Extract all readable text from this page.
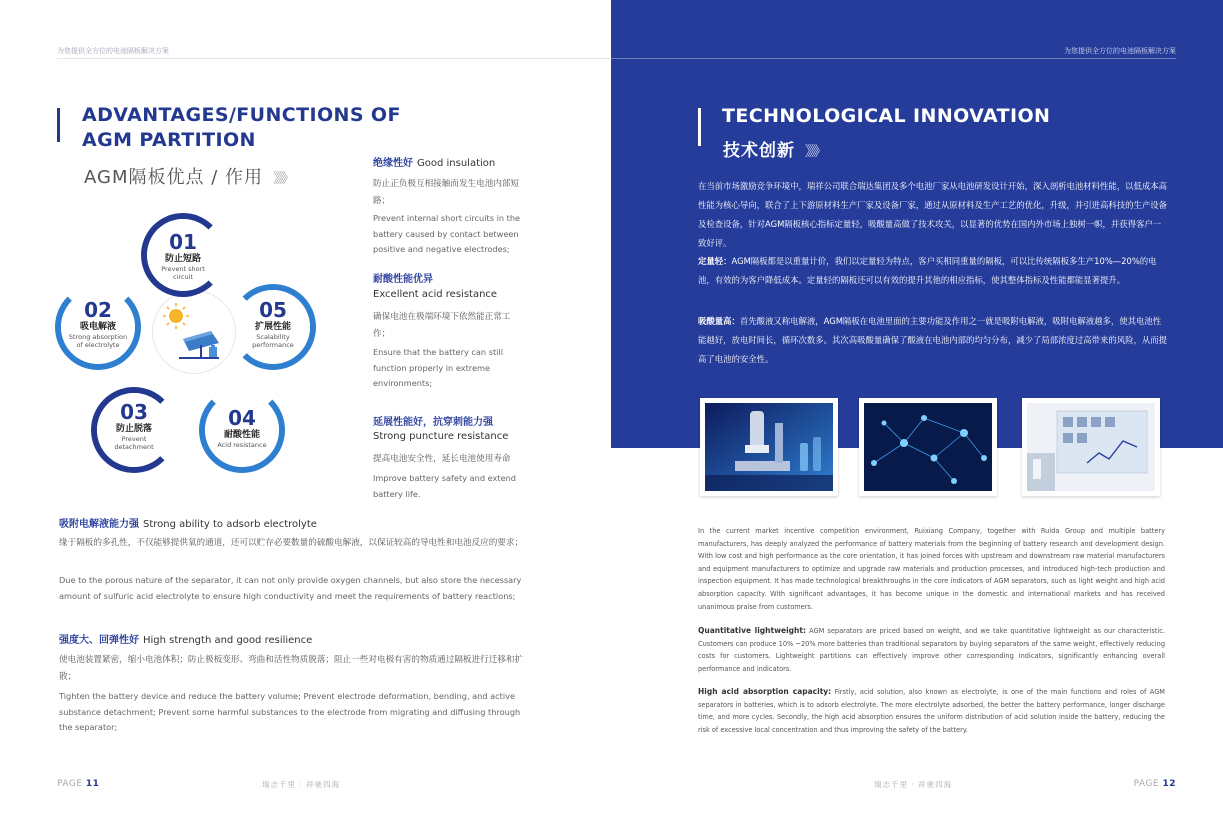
为您提供全方位的电池隔板解决方案
ADVANTAGES/FUNCTIONS OF
AGM PARTITION
AGM隔板优点 / 作用 》》》
01
防止短路
Prevent short
circuit
02
吸电解液
Strong absorption
of electrolyte
05
扩展性能
Scalability
performance
03
防止脱落
Prevent
detachment
04
耐酸性能
Acid resistance
绝缘性好 Good insulation
防止正负极互相接触而发生电池内部短路；
Prevent internal short circuits in the battery caused by contact between positive and negative electrodes;
耐酸性能优异
Excellent acid resistance
确保电池在极端环境下依然能正常工作；
Ensure that the battery can still function properly in extreme environments;
延展性能好，抗穿刺能力强
Strong puncture resistance
提高电池安全性，延长电池使用寿命
Improve battery safety and extend battery life.
吸附电解液能力强 Strong ability to adsorb electrolyte
缘于隔板的多孔性，不仅能够提供氧的通道，还可以贮存必要数量的硫酸电解液，以保证较高的导电性和电池反应的要求；
Due to the porous nature of the separator, it can not only provide oxygen channels, but also store the necessary amount of sulfuric acid electrolyte to ensure high conductivity and meet the requirements of battery reactions;
强度大、回弹性好 High strength and good resilience
使电池装置紧密，缩小电池体积；防止极板变形、弯曲和活性物质脱落；阻止一些对电极有害的物质通过隔板进行迁移和扩散；
Tighten the battery device and reduce the battery volume; Prevent electrode deformation, bending, and active substance detachment; Prevent some harmful substances to the electrode from migrating and diffusing through the separator;
PAGE 11	瑞志千里 · 祥驰四海
为您提供全方位的电池隔板解决方案
TECHNOLOGICAL INNOVATION
技术创新 》》》
在当前市场激励竞争环境中，瑞祥公司联合瑞达集团及多个电池厂家从电池研发设计开始，深入剖析电池材料性能，以低成本高性能为核心导向，联合了上下游原材料生产厂家及设备厂家，通过从原材料及生产工艺的优化，升级，并引进高科技的生产设备及检查设备，针对AGM隔板核心指标定量轻，吸酸量高做了技术攻关，以显著的优势在国内外市场上独树一帜，并获得客户一致好评。
定量轻：AGM隔板都是以重量计价，我们以定量轻为特点，客户买相同重量的隔板，可以比传统隔板多生产10%—20%的电池，有效的为客户降低成本。定量轻的隔板还可以有效的提升其他的相应指标，使其整体指标及性能都能显著提升。
吸酸量高：首先酸液又称电解液，AGM隔板在电池里面的主要功能及作用之一就是吸附电解液，吸附电解液越多，使其电池性能越好，放电时间长，循环次数多。其次高吸酸量确保了酸液在电池内部的均匀分布，减少了局部浓度过高带来的风险，从而提高了电池的安全性。
In the current market incentive competition environment, Ruixiang Company, together with Ruida Group and multiple battery manufacturers, has deeply analyzed the performance of battery materials from the beginning of battery research and development design. With low cost and high performance as the core orientation, it has joined forces with upstream and downstream raw material manufacturers and equipment manufacturers to optimize and upgrade raw materials and production processes, and introduced high-tech production and inspection equipment. It has made technological breakthroughs in the core indicators of AGM separators, such as light weight and high acid absorption capacity. With significant advantages, it has become unique in the domestic and international markets and has received unanimous praise from customers.
Quantitative lightweight: AGM separators are priced based on weight, and we take quantitative lightweight as our characteristic. Customers can produce 10% ~20% more batteries than traditional separators by buying separators of the same weight, effectively reducing costs for customers. Lightweight partitions can effectively improve other corresponding indicators, significantly enhancing overall performance and indicators.
High acid absorption capacity: Firstly, acid solution, also known as electrolyte, is one of the main functions and roles of AGM separators in batteries, which is to adsorb electrolyte. The more electrolyte adsorbed, the better the battery performance, longer discharge time, and more cycles. Secondly, the high acid absorption ensures the uniform distribution of acid solution inside the battery, reducing the risk of excessive local concentration and thus improving the safety of the battery.
瑞志千里 · 祥驰四海	PAGE 12
